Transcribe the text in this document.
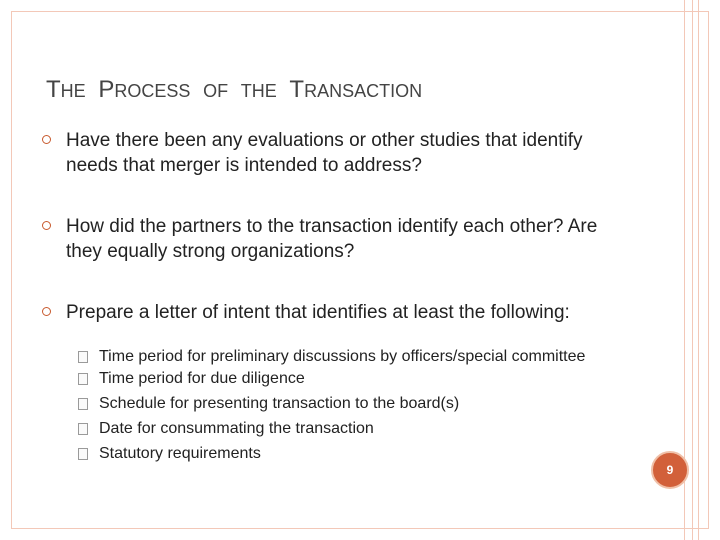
THE PROCESS OF THE TRANSACTION
Have there been any evaluations or other studies that identify needs that merger is intended to address?
How did the partners to the transaction identify each other? Are they equally strong organizations?
Prepare a letter of intent that identifies at least the following:
Time period for preliminary discussions by officers/special committee
Time period for due diligence
Schedule for presenting transaction to the board(s)
Date for consummating the transaction
Statutory requirements
9
